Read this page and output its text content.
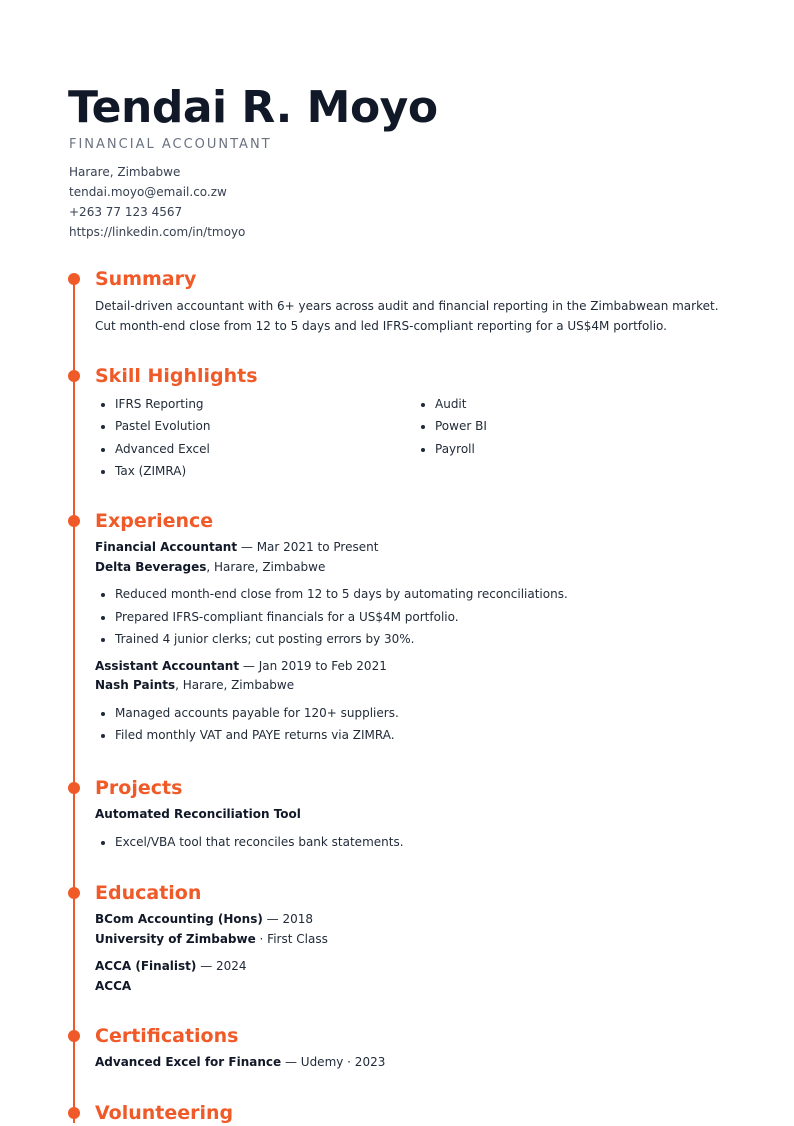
Tendai R. Moyo

FINANCIAL ACCOUNTANT

Harare, Zimbabwe
tendai.moyo@email.co.zw
+263 77 123 4567
https://linkedin.com/in/tmoyo
Summary

Detail-driven accountant with 6+ years across audit and financial reporting in the Zimbabwean market. Cut month-end close from 12 to 5 days and led IFRS-compliant reporting for a US$4M portfolio.

Skill Highlights
• IFRS Reporting
• Pastel Evolution
• Advanced Excel
• Tax (ZIMRA)
• Audit
• Power BI
• Payroll
Experience
Financial Accountant — Mar 2021 to Present
Delta Beverages, Harare, Zimbabwe
• Reduced month-end close from 12 to 5 days by automating reconciliations.
• Prepared IFRS-compliant financials for a US$4M portfolio.
• Trained 4 junior clerks; cut posting errors by 30%.
Assistant Accountant — Jan 2019 to Feb 2021
Nash Paints, Harare, Zimbabwe
• Managed accounts payable for 120+ suppliers.
• Filed monthly VAT and PAYE returns via ZIMRA.
Projects
Automated Reconciliation Tool
• Excel/VBA tool that reconciles bank statements.
Education
BCom Accounting (Hons) — 2018
University of Zimbabwe · First Class
ACCA (Finalist) — 2024
ACCA
Certifications
Advanced Excel for Finance — Udemy · 2023
Volunteering
